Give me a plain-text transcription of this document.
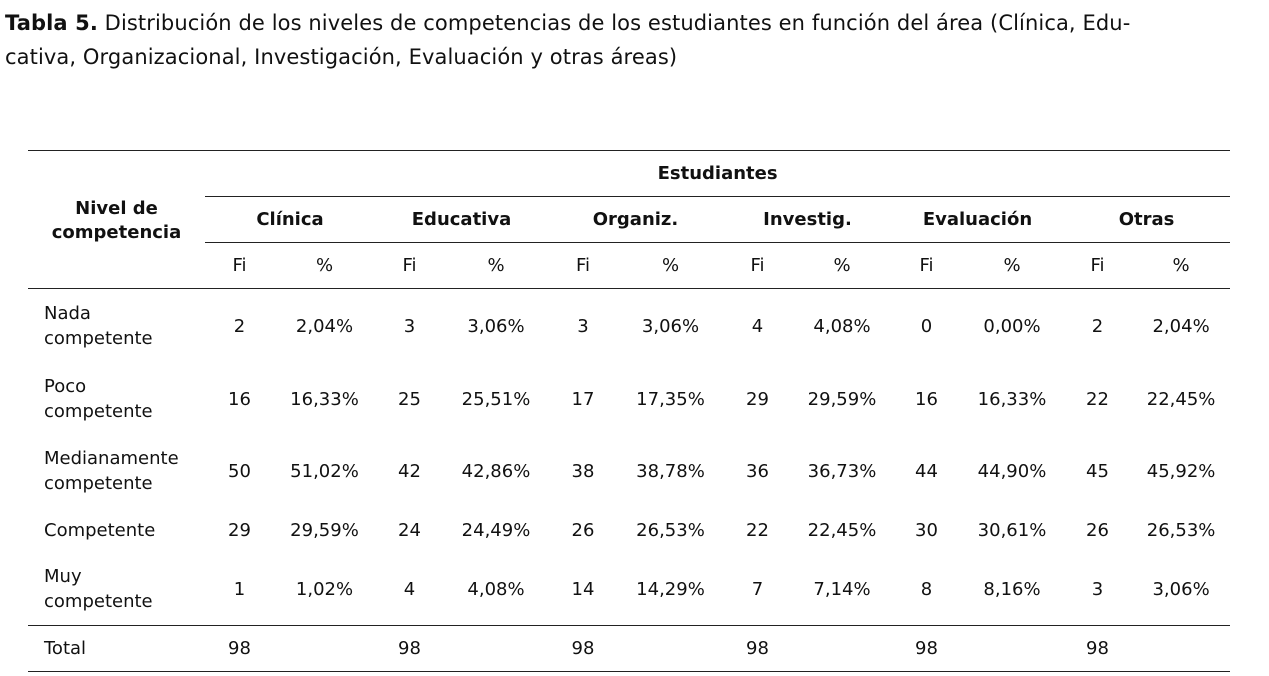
Tabla 5. Distribución de los niveles de competencias de los estudiantes en función del área (Clínica, Edu-
cativa, Organizacional, Investigación, Evaluación y otras áreas)
Nivel de competencia	Estudiantes											
	Clínica		Educativa		Organiz.		Investig.		Evaluación		Otras	
	Fi	%	Fi	%	Fi	%	Fi	%	Fi	%	Fi	%

Nada
competente	2	2,04%	3	3,06%	3	3,06%	4	4,08%	0	0,00%	2	2,04%

Poco
competente	16	16,33%	25	25,51%	17	17,35%	29	29,59%	16	16,33%	22	22,45%

Medianamente
competente	50	51,02%	42	42,86%	38	38,78%	36	36,73%	44	44,90%	45	45,92%

Competente	29	29,59%	24	24,49%	26	26,53%	22	22,45%	30	30,61%	26	26,53%

Muy
competente	1	1,02%	4	4,08%	14	14,29%	7	7,14%	8	8,16%	3	3,06%
Total	98		98		98		98		98		98	
